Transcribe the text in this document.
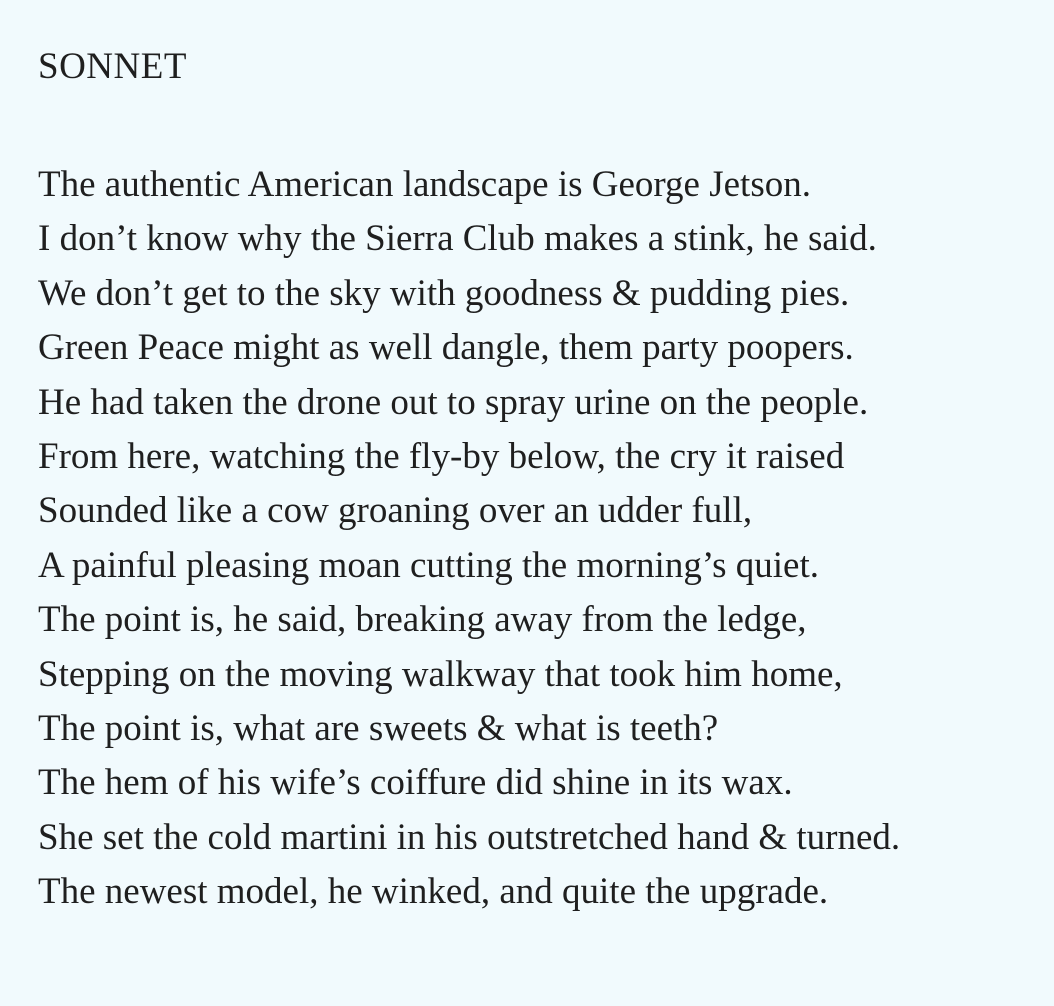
SONNET
The authentic American landscape is George Jetson.
I don’t know why the Sierra Club makes a stink, he said.
We don’t get to the sky with goodness & pudding pies.
Green Peace might as well dangle, them party poopers.
He had taken the drone out to spray urine on the people.
From here, watching the fly-by below, the cry it raised
Sounded like a cow groaning over an udder full,
A painful pleasing moan cutting the morning’s quiet.
The point is, he said, breaking away from the ledge,
Stepping on the moving walkway that took him home,
The point is, what are sweets & what is teeth?
The hem of his wife’s coiffure did shine in its wax.
She set the cold martini in his outstretched hand & turned.
The newest model, he winked, and quite the upgrade.
